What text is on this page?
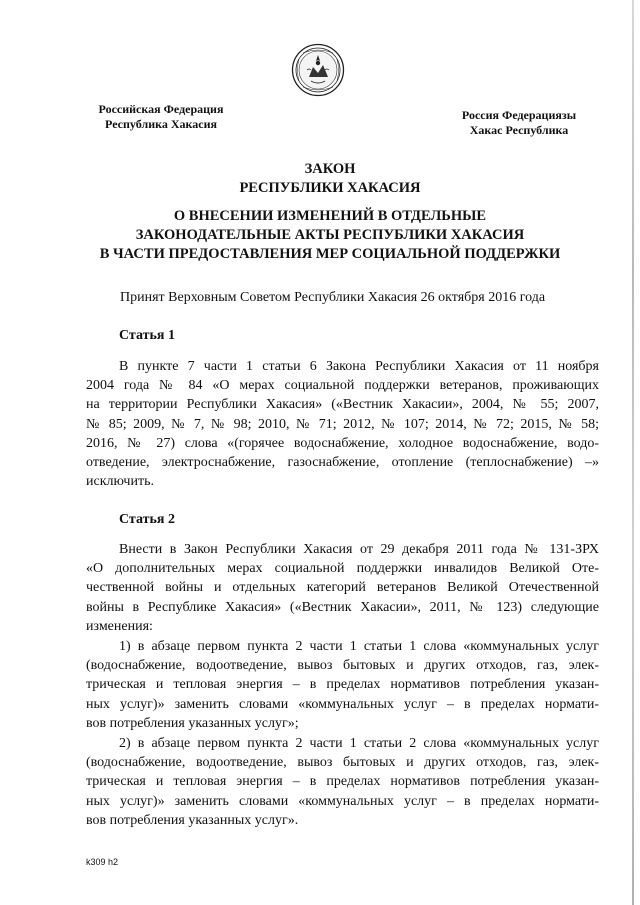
Российская Федерация
Республика Хакасия
Россия Федерациязы
Хакас Республика
ЗАКОН
РЕСПУБЛИКИ ХАКАСИЯ
О ВНЕСЕНИИ ИЗМЕНЕНИЙ В ОТДЕЛЬНЫЕ
ЗАКОНОДАТЕЛЬНЫЕ АКТЫ РЕСПУБЛИКИ ХАКАСИЯ
В ЧАСТИ ПРЕДОСТАВЛЕНИЯ МЕР СОЦИАЛЬНОЙ ПОДДЕРЖКИ
Принят Верховным Советом Республики Хакасия 26 октября 2016 года
Статья 1
В пункте 7 части 1 статьи 6 Закона Республики Хакасия от 11 ноября
2004 года № 84 «О мерах социальной поддержки ветеранов, проживающих
на территории Республики Хакасия» («Вестник Хакасии», 2004, № 55; 2007,
№ 85; 2009, № 7, № 98; 2010, № 71; 2012, № 107; 2014, № 72; 2015, № 58;
2016, № 27) слова «(горячее водоснабжение, холодное водоснабжение, водо-
отведение, электроснабжение, газоснабжение, отопление (теплоснабжение) –»
исключить.
Статья 2
Внести в Закон Республики Хакасия от 29 декабря 2011 года № 131-ЗРХ
«О дополнительных мерах социальной поддержки инвалидов Великой Оте-
чественной войны и отдельных категорий ветеранов Великой Отечественной
войны в Республике Хакасия» («Вестник Хакасии», 2011, № 123) следующие
изменения:
1) в абзаце первом пункта 2 части 1 статьи 1 слова «коммунальных услуг
(водоснабжение, водоотведение, вывоз бытовых и других отходов, газ, элек-
трическая и тепловая энергия – в пределах нормативов потребления указан-
ных услуг)» заменить словами «коммунальных услуг – в пределах нормати-
вов потребления указанных услуг»;
2) в абзаце первом пункта 2 части 1 статьи 2 слова «коммунальных услуг
(водоснабжение, водоотведение, вывоз бытовых и других отходов, газ, элек-
трическая и тепловая энергия – в пределах нормативов потребления указан-
ных услуг)» заменить словами «коммунальных услуг – в пределах нормати-
вов потребления указанных услуг».
k309 h2
